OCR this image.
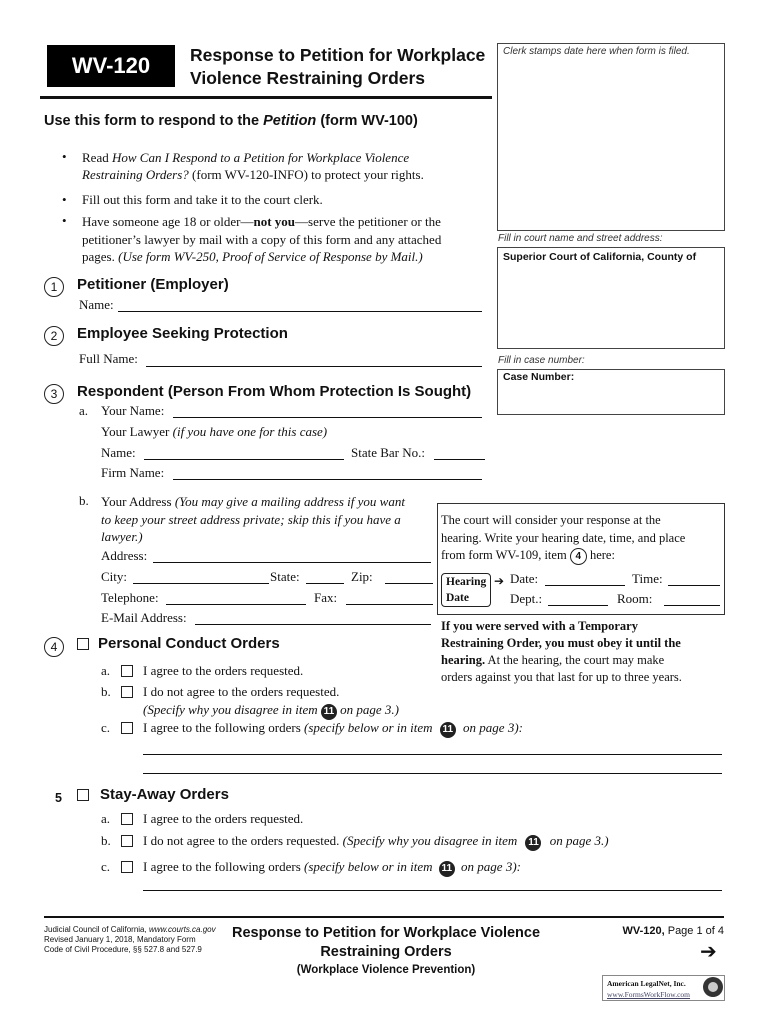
WV-120	Response to Petition for Workplace
Violence Restraining Orders
Clerk stamps date here when form is filed.
Fill in court name and street address:
Superior Court of California, County of
Fill in case number:
Case Number:
Use this form to respond to the Petition (form WV-100)
• Read How Can I Respond to a Petition for Workplace Violence
Restraining Orders? (form WV-120-INFO) to protect your rights.
• Fill out this form and take it to the court clerk.
• Have someone age 18 or older—not you—serve the petitioner or the
petitioner’s lawyer by mail with a copy of this form and any attached
pages. (Use form WV-250, Proof of Service of Response by Mail.)
1	Petitioner (Employer)
Name:
2	Employee Seeking Protection
Full Name:
3	Respondent (Person From Whom Protection Is Sought)
a. Your Name:
Your Lawyer (if you have one for this case)
Name:	State Bar No.:
Firm Name:
b. Your Address (You may give a mailing address if you want
to keep your street address private; skip this if you have a
lawyer.)
Address:
City:	State:	Zip:
Telephone:	Fax:
E-Mail Address:
The court will consider your response at the
hearing. Write your hearing date, time, and place
from form WV-109, item 4 here:
Hearing
Date
➔ Date:	Time:
Dept.:	Room:
If you were served with a Temporary
Restraining Order, you must obey it until the
hearing. At the hearing, the court may make
orders against you that last for up to three years.
4	Personal Conduct Orders
a.	I agree to the orders requested.
b. I do not agree to the orders requested.
(Specify why you disagree in item 11 on page 3.)
c.	I agree to the following orders (specify below or in item 11 on page 3):
5	Stay-Away Orders
a.	I agree to the orders requested.
b. I do not agree to the orders requested. (Specify why you disagree in item 11 on page 3.)
c.	I agree to the following orders (specify below or in item 11 on page 3):
Judicial Council of California, www.courts.ca.gov
Revised January 1, 2018, Mandatory Form
Code of Civil Procedure, §§ 527.8 and 527.9
Response to Petition for Workplace Violence
Restraining Orders
(Workplace Violence Prevention)
WV-120, Page 1 of 4
➔
American LegalNet, Inc.
www.FormsWorkFlow.com
